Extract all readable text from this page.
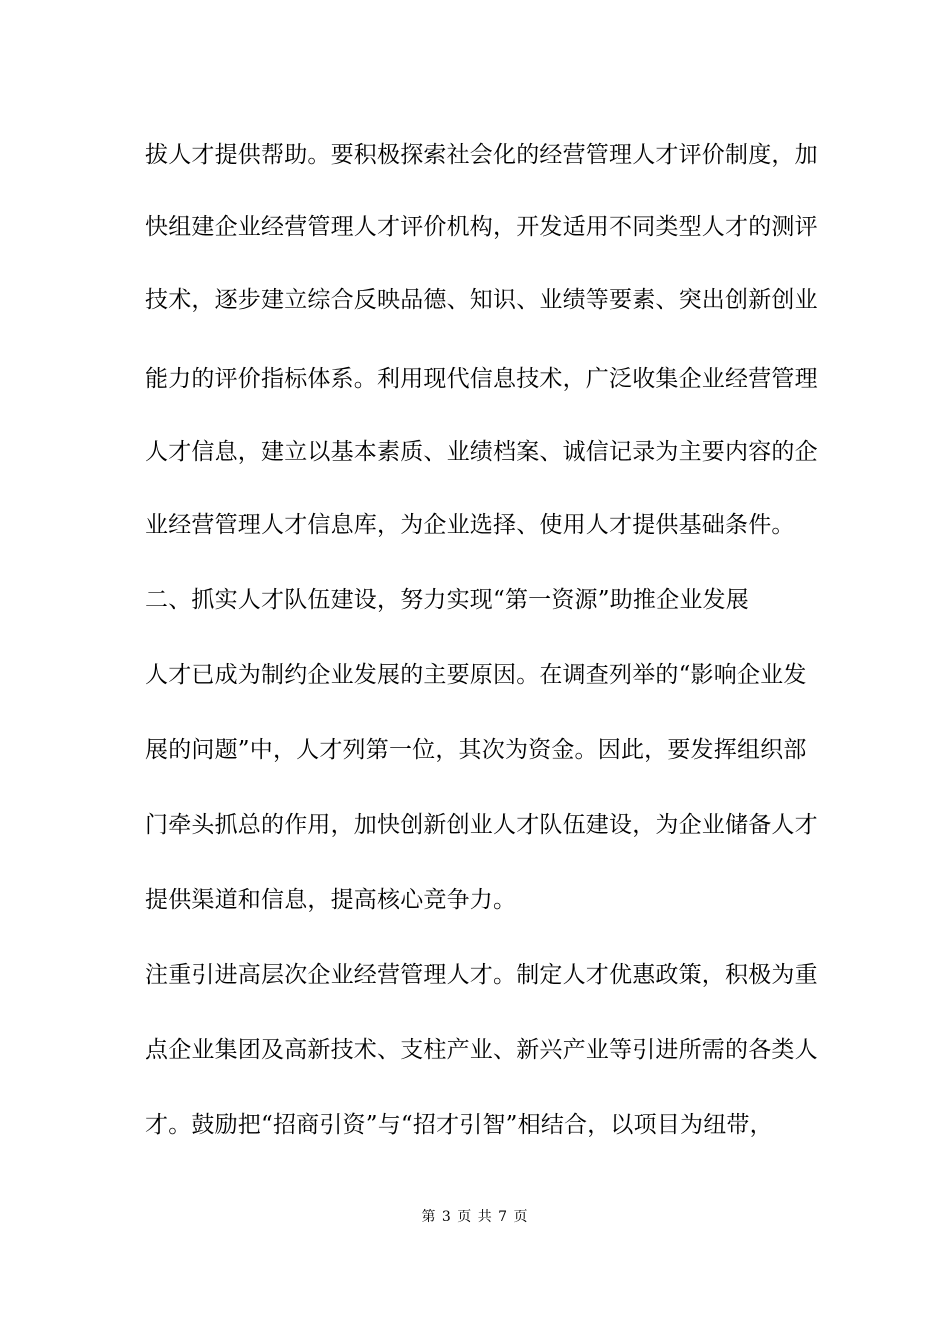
拔人才提供帮助。要积极探索社会化的经营管理人才评价制度，加
快组建企业经营管理人才评价机构，开发适用不同类型人才的测评
技术，逐步建立综合反映品德、知识、业绩等要素、突出创新创业
能力的评价指标体系。利用现代信息技术，广泛收集企业经营管理
人才信息，建立以基本素质、业绩档案、诚信记录为主要内容的企
业经营管理人才信息库，为企业选择、使用人才提供基础条件。
二、抓实人才队伍建设，努力实现“第一资源”助推企业发展
人才已成为制约企业发展的主要原因。在调查列举的“影响企业发
展的问题”中，人才列第一位，其次为资金。因此，要发挥组织部
门牵头抓总的作用，加快创新创业人才队伍建设，为企业储备人才
提供渠道和信息，提高核心竞争力。
注重引进高层次企业经营管理人才。制定人才优惠政策，积极为重
点企业集团及高新技术、支柱产业、新兴产业等引进所需的各类人
才。鼓励把“招商引资”与“招才引智”相结合，以项目为纽带，
第 3 页 共 7 页
